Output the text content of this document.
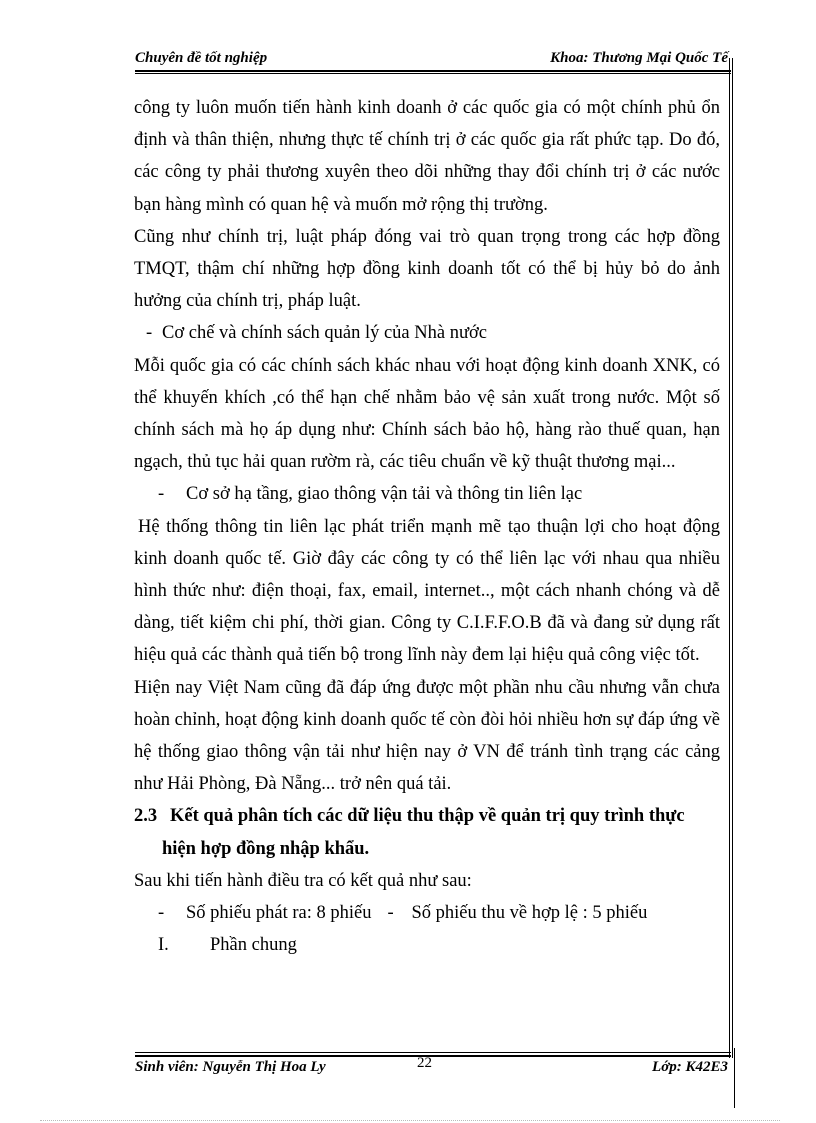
Chuyên đề tốt nghiệp	Khoa: Thương Mại Quốc Tế

công ty luôn muốn tiến hành kinh doanh ở các quốc gia có một chính phủ ổn định và thân thiện, nhưng thực tế chính trị ở các quốc gia rất phức tạp. Do đó, các công ty phải thương xuyên theo dõi những thay đổi chính trị ở các nước bạn hàng mình có quan hệ và muốn mở rộng thị trường.

Cũng như chính trị, luật pháp đóng vai trò quan trọng trong các hợp đồng TMQT, thậm chí những hợp đồng kinh doanh tốt có thể bị hủy bỏ do ảnh hưởng của chính trị, pháp luật.

- Cơ chế và chính sách quản lý của Nhà nước

Mỗi quốc gia có các chính sách khác nhau với hoạt động kinh doanh XNK, có thể khuyến khích ,có thể hạn chế nhằm bảo vệ sản xuất trong nước. Một số chính sách mà họ áp dụng như: Chính sách bảo hộ, hàng rào thuế quan, hạn ngạch, thủ tục hải quan rườm rà, các tiêu chuẩn về kỹ thuật thương mại...

-	Cơ sở hạ tầng, giao thông vận tải và thông tin liên lạc

Hệ thống thông tin liên lạc phát triển mạnh mẽ tạo thuận lợi cho hoạt động kinh doanh quốc tế. Giờ đây các công ty có thể liên lạc với nhau qua nhiều hình thức như: điện thoại, fax, email, internet.., một cách nhanh chóng và dễ dàng, tiết kiệm chi phí, thời gian. Công ty C.I.F.F.O.B đã và đang sử dụng rất hiệu quả các thành quả tiến bộ trong lĩnh này đem lại hiệu quả công việc tốt.

Hiện nay Việt Nam cũng đã đáp ứng được một phần nhu cầu nhưng vẫn chưa hoàn chỉnh, hoạt động kinh doanh quốc tế còn đòi hỏi nhiều hơn sự đáp ứng về hệ thống giao thông vận tải như hiện nay ở VN để tránh tình trạng các cảng như Hải Phòng, Đà Nẵng... trở nên quá tải.

2.3 Kết quả phân tích các dữ liệu thu thập về quản trị quy trình thực
hiện hợp đồng nhập khẩu.

Sau khi tiến hành điều tra có kết quả như sau:

-	Số phiếu phát ra: 8 phiếu - Số phiếu thu về hợp lệ : 5 phiếu
I.	Phần chung
Sinh viên: Nguyễn Thị Hoa Ly	22	Lớp: K42E3
